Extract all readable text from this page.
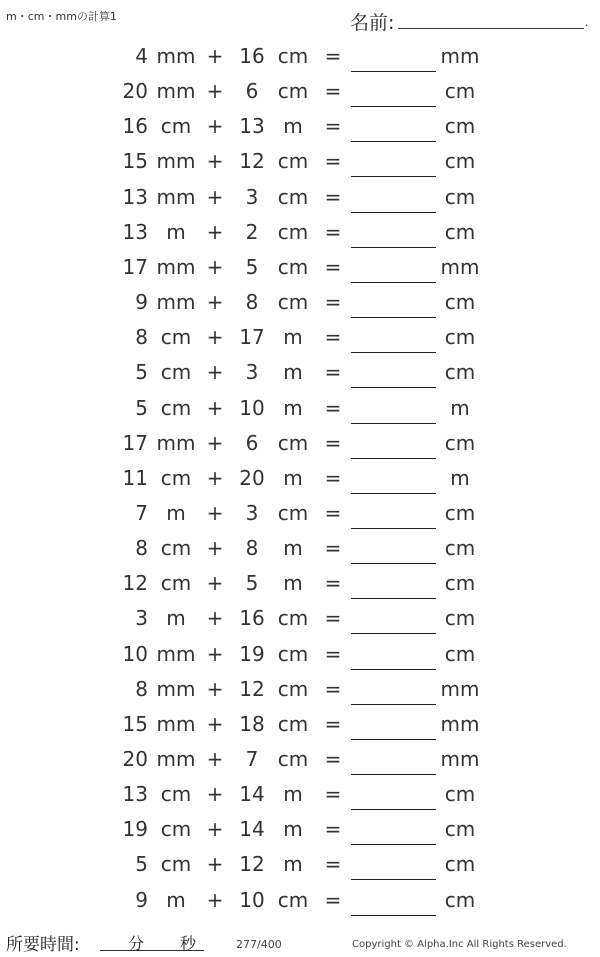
m・cm・mmの計算1	名前:	.
4 mm + 16 cm =	mm
20 mm +	6 cm =	cm
16 cm + 13 m	=	cm
15 mm + 12 cm =	cm
13 mm +	3 cm =	cm
13 m	+	2 cm =	cm
17 mm +	5 cm =	mm
9 mm +	8 cm =	cm
8 cm + 17 m	=	cm
5 cm +	3	m	=	cm
5 cm + 10 m	=	m
17 mm +	6 cm =	cm
11 cm + 20 m	=	m
7 m	+	3 cm =	cm
8 cm +	8	m	=	cm
12 cm +	5	m	=	cm
3 m	+ 16 cm =	cm
10 mm + 19 cm =	cm
8 mm + 12 cm =	mm
15 mm + 18 cm =	mm
20 mm +	7 cm =	mm
13 cm + 14 m	=	cm
19 cm + 14 m	=	cm
5 cm + 12 m	=	cm
9 m	+ 10 cm =	cm
所要時間:	分 秒	277/400	Copyright © Alpha.Inc All Rights Reserved.
